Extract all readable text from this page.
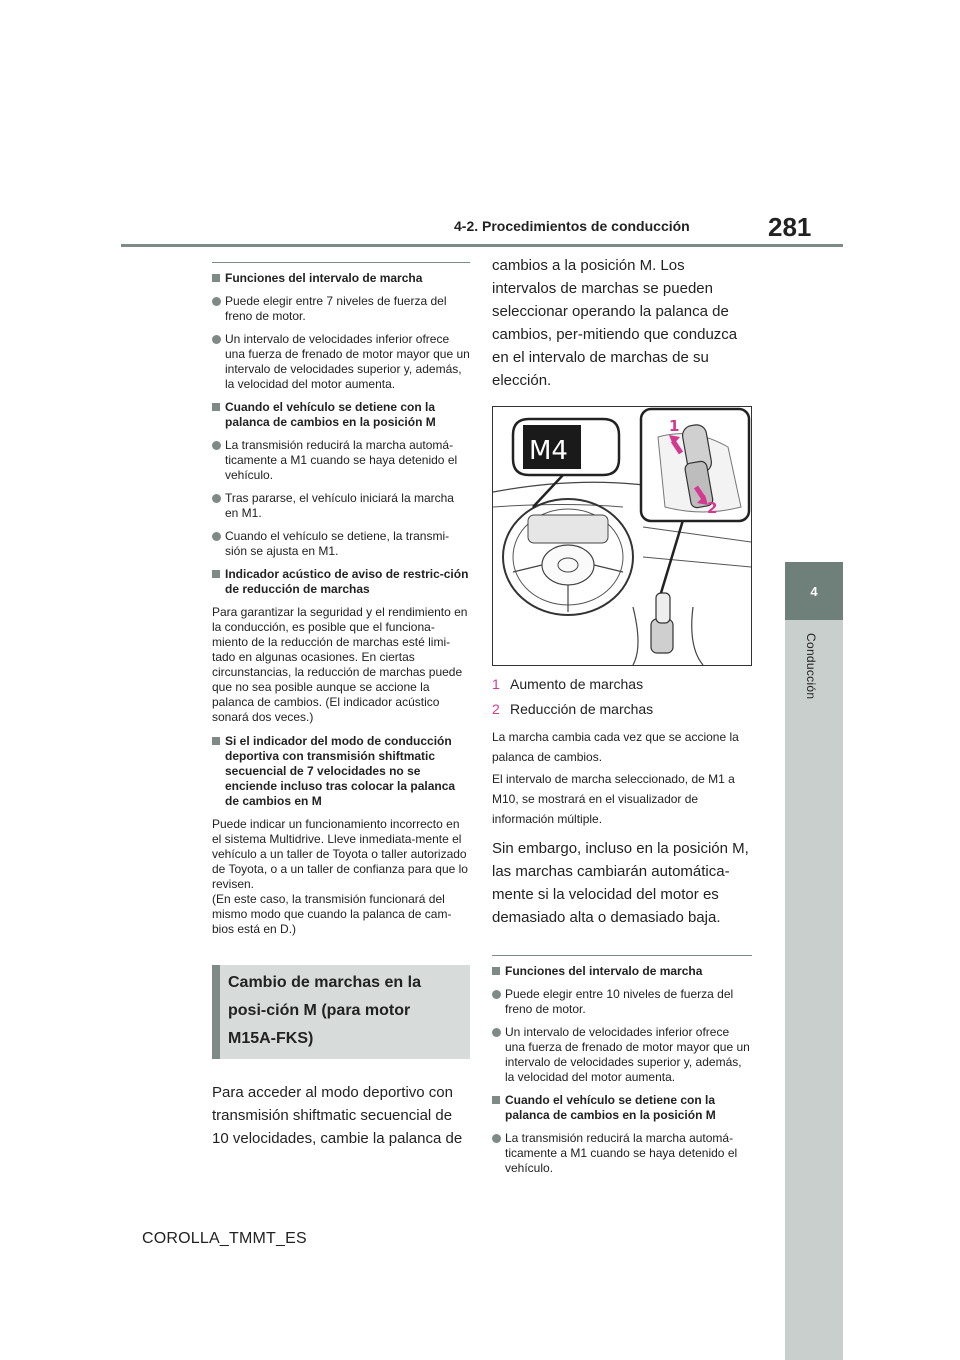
4-2. Procedimientos de conducción	281
4
Conducción
Funciones del intervalo de marcha
Puede elegir entre 7 niveles de fuerza del freno de motor.
Un intervalo de velocidades inferior ofrece una fuerza de frenado de motor mayor que un intervalo de velocidades superior y, además, la velocidad del motor aumenta.
Cuando el vehículo se detiene con la palanca de cambios en la posición M
La transmisión reducirá la marcha automá-ticamente a M1 cuando se haya detenido el vehículo.
Tras pararse, el vehículo iniciará la marcha en M1.
Cuando el vehículo se detiene, la transmi-sión se ajusta en M1.
Indicador acústico de aviso de restric-ción de reducción de marchas

Para garantizar la seguridad y el rendimiento en la conducción, es posible que el funciona-miento de la reducción de marchas esté limi-tado en algunas ocasiones. En ciertas circunstancias, la reducción de marchas puede que no sea posible aunque se accione la palanca de cambios. (El indicador acústico sonará dos veces.)

Si el indicador del modo de conducción deportiva con transmisión shiftmatic secuencial de 7 velocidades no se enciende incluso tras colocar la palanca de cambios en M

Puede indicar un funcionamiento incorrecto en el sistema Multidrive. Lleve inmediata-mente el vehículo a un taller de Toyota o taller autorizado de Toyota, o a un taller de confianza para que lo revisen.

(En este caso, la transmisión funcionará del mismo modo que cuando la palanca de cam-bios está en D.)

Cambio de marchas en la posi-ción M (para motor M15A-FKS)

Para acceder al modo deportivo con transmisión shiftmatic secuencial de 10 velocidades, cambie la palanca de

cambios a la posición M. Los intervalos de marchas se pueden seleccionar operando la palanca de cambios, per-mitiendo que conduzca en el intervalo de marchas de su elección.

M4
1
2
1 Aumento de marchas
2 Reducción de marchas

La marcha cambia cada vez que se accione la palanca de cambios.

El intervalo de marcha seleccionado, de M1 a M10, se mostrará en el visualizador de información múltiple.

Sin embargo, incluso en la posición M, las marchas cambiarán automática-mente si la velocidad del motor es demasiado alta o demasiado baja.

Funciones del intervalo de marcha
Puede elegir entre 10 niveles de fuerza del freno de motor.
Un intervalo de velocidades inferior ofrece una fuerza de frenado de motor mayor que un intervalo de velocidades superior y, además, la velocidad del motor aumenta.
Cuando el vehículo se detiene con la palanca de cambios en la posición M
La transmisión reducirá la marcha automá-ticamente a M1 cuando se haya detenido el vehículo.
COROLLA_TMMT_ES
